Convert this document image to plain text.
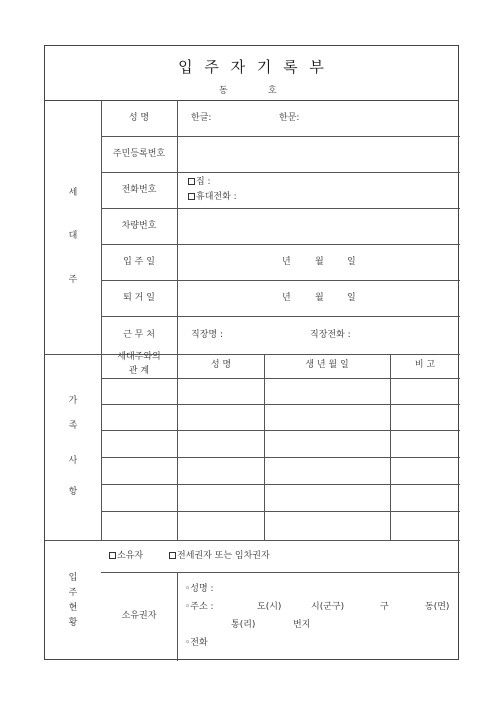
입 주 자 기 록 부
동	호
세
대
주
성 명	한글:	한문:
주민등록번호
전화번호
집 :
휴대전화 :
차량번호
입 주 일	년	월	일
퇴 거 일	년	월	일
근 무 처	직장명 :	직장전화 :
가
족
사
항
세대주와의
관 계
성 명	생 년 월 일	비 고
입
주
현
황
소유자	전세권자 또는 임차권자
소유권자
◦성명 :
◦주소 :	도(시)	시(군구)	구	동(면)
통(리)	번지
◦전화
